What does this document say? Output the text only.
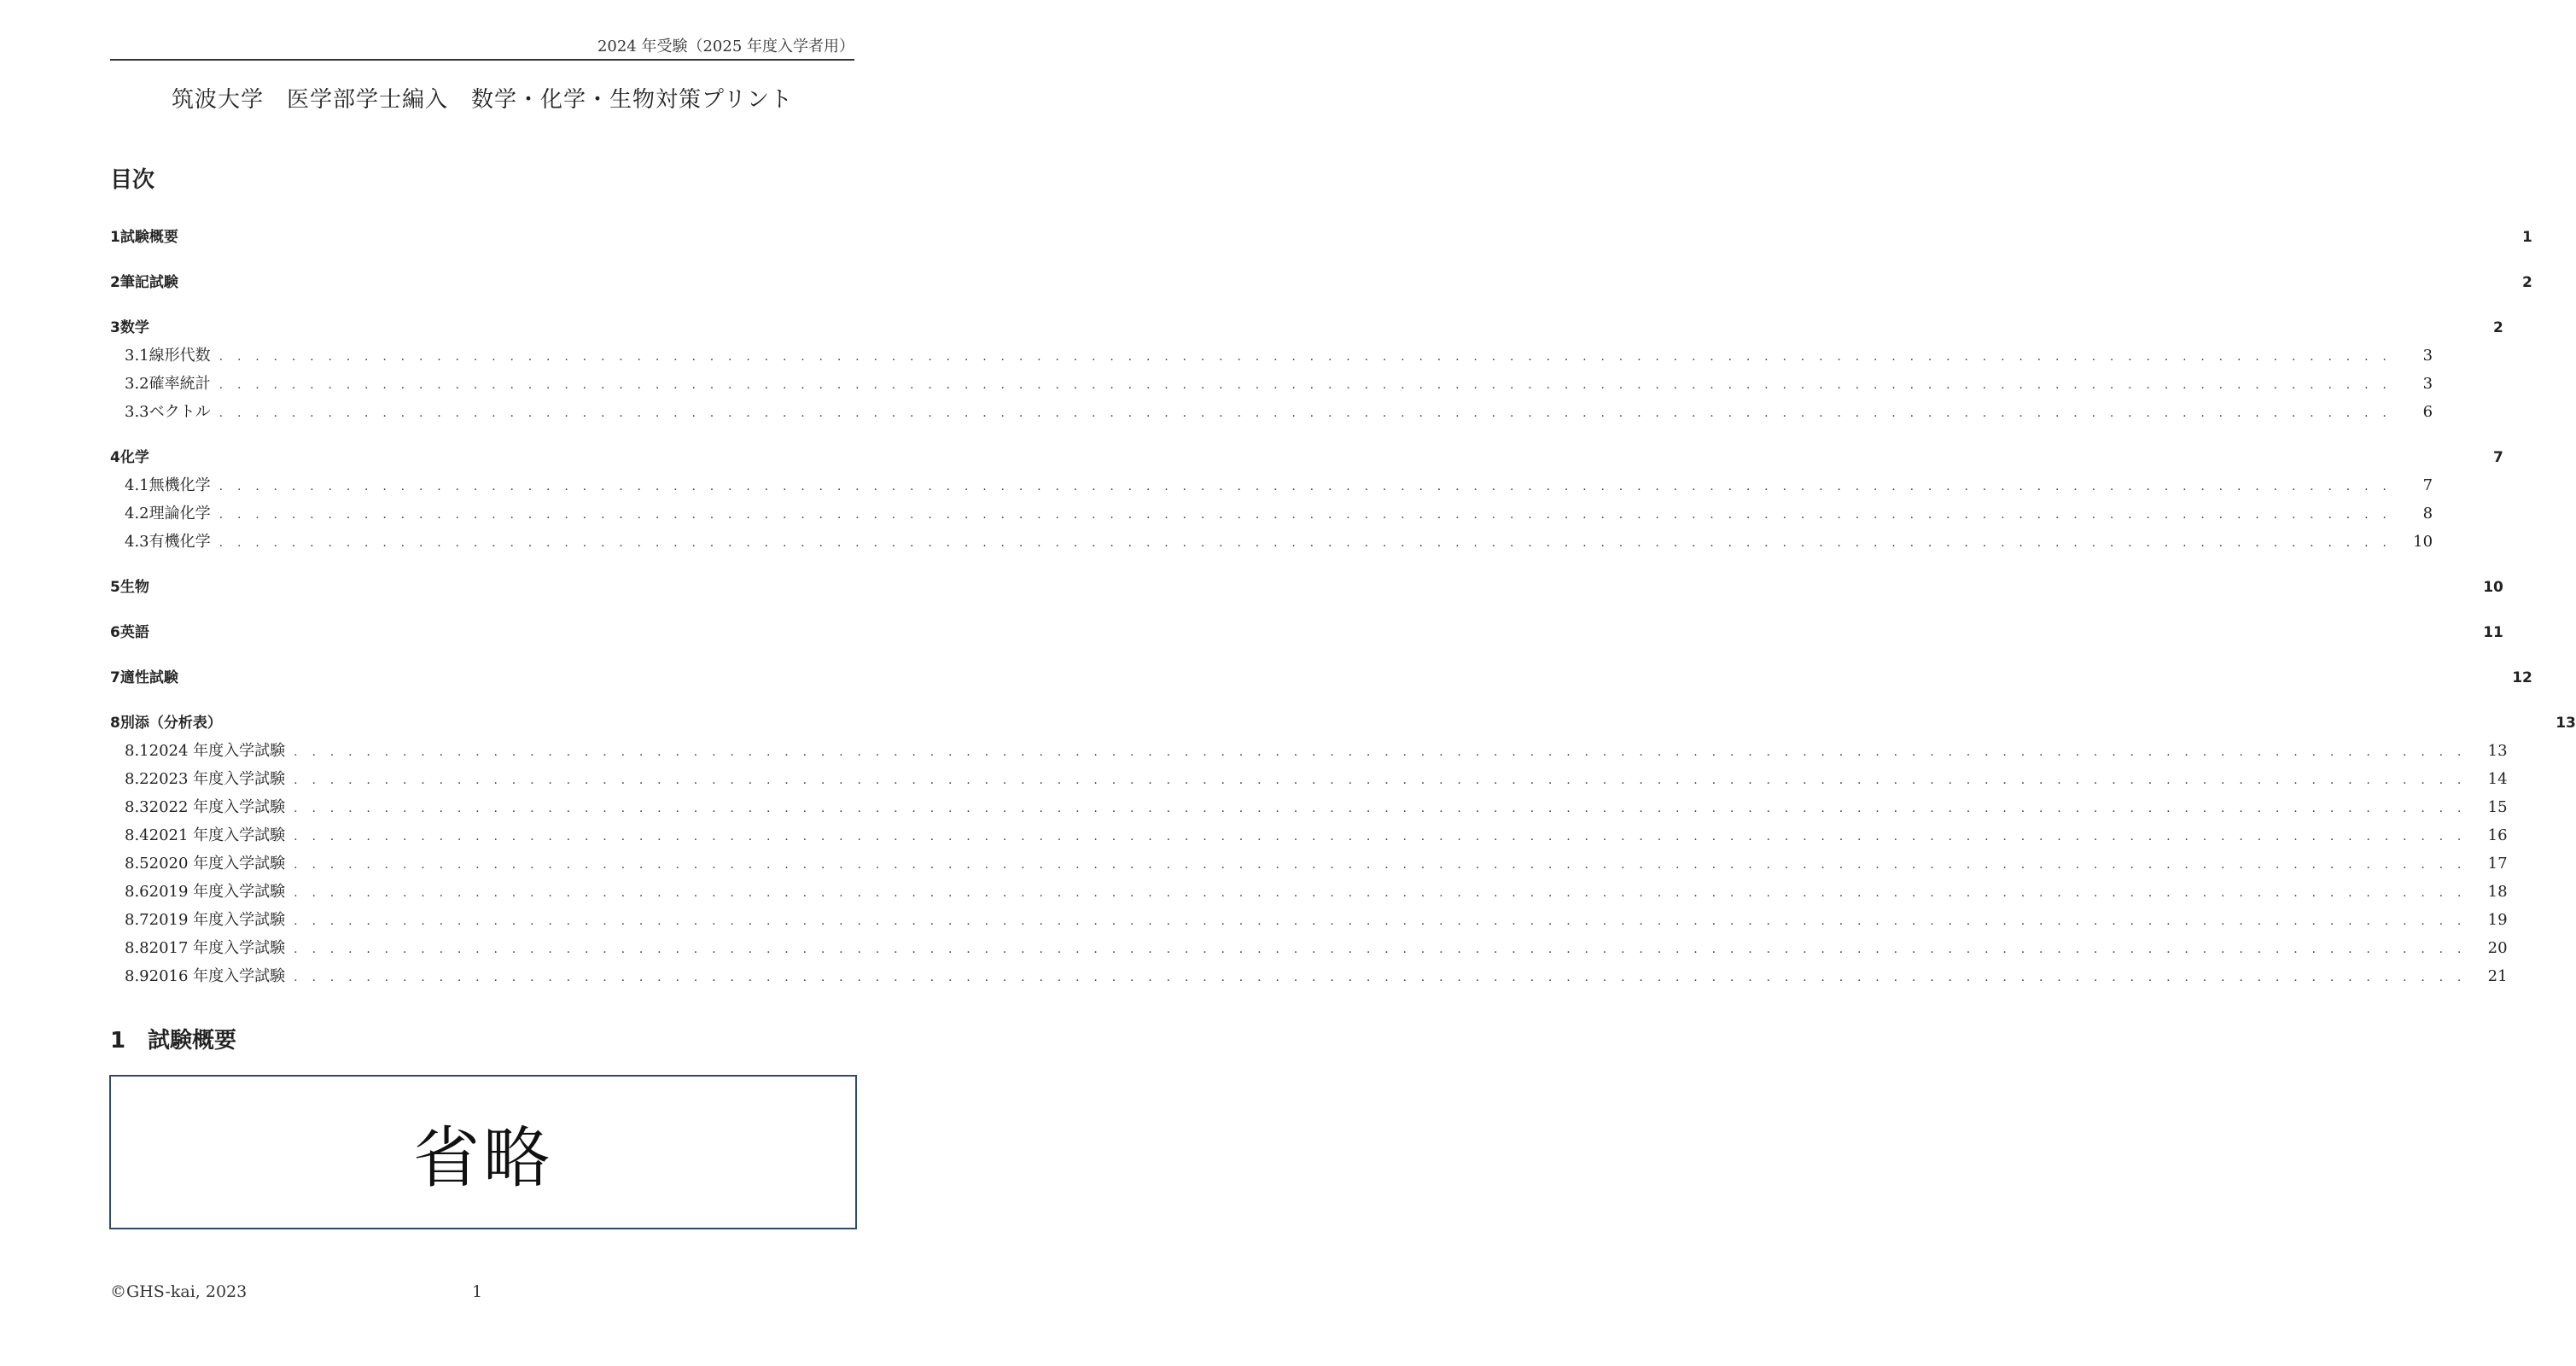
2024 年受験（2025 年度入学者用）
筑波大学　医学部学士編入　数学・化学・生物対策プリント
目次
1 試験概要	1
2 筆記試験	2
3 数学	2
3.1 線形代数 . . . . . . . . . . . . . . . . . . . . . . . . . . . . . . . . . . . . . . . . . . . . . . . . . . . . . . . . . . . . . . . . . . . . . . . . . . . . . . . . . . . . . . . . . . . . . . . . . . . . . . . . . . . . . . . . . . . . . . . .	3
3.2 確率統計 . . . . . . . . . . . . . . . . . . . . . . . . . . . . . . . . . . . . . . . . . . . . . . . . . . . . . . . . . . . . . . . . . . . . . . . . . . . . . . . . . . . . . . . . . . . . . . . . . . . . . . . . . . . . . . . . . . . . . . . .	3
3.3 ベクトル . . . . . . . . . . . . . . . . . . . . . . . . . . . . . . . . . . . . . . . . . . . . . . . . . . . . . . . . . . . . . . . . . . . . . . . . . . . . . . . . . . . . . . . . . . . . . . . . . . . . . . . . . . . . . . . . . . . . . . . .	6
4 化学	7
4.1 無機化学 . . . . . . . . . . . . . . . . . . . . . . . . . . . . . . . . . . . . . . . . . . . . . . . . . . . . . . . . . . . . . . . . . . . . . . . . . . . . . . . . . . . . . . . . . . . . . . . . . . . . . . . . . . . . . . . . . . . . . . . .	7
4.2 理論化学 . . . . . . . . . . . . . . . . . . . . . . . . . . . . . . . . . . . . . . . . . . . . . . . . . . . . . . . . . . . . . . . . . . . . . . . . . . . . . . . . . . . . . . . . . . . . . . . . . . . . . . . . . . . . . . . . . . . . . . . .	8
4.3 有機化学 . . . . . . . . . . . . . . . . . . . . . . . . . . . . . . . . . . . . . . . . . . . . . . . . . . . . . . . . . . . . . . . . . . . . . . . . . . . . . . . . . . . . . . . . . . . . . . . . . . . . . . . . . . . . . . . . . . . . . . . . 10
5 生物	10
6 英語	11
7 適性試験	12
8 別添（分析表）	13
8.1 2024 年度入学試験 . . . . . . . . . . . . . . . . . . . . . . . . . . . . . . . . . . . . . . . . . . . . . . . . . . . . . . . . . . . . . . . . . . . . . . . . . . . . . . . . . . . . . . . . . . . . . . . . . . . . . . . . . . . . . . . . . . . . . . . . 13
8.2 2023 年度入学試験 . . . . . . . . . . . . . . . . . . . . . . . . . . . . . . . . . . . . . . . . . . . . . . . . . . . . . . . . . . . . . . . . . . . . . . . . . . . . . . . . . . . . . . . . . . . . . . . . . . . . . . . . . . . . . . . . . . . . . . . . 14
8.3 2022 年度入学試験 . . . . . . . . . . . . . . . . . . . . . . . . . . . . . . . . . . . . . . . . . . . . . . . . . . . . . . . . . . . . . . . . . . . . . . . . . . . . . . . . . . . . . . . . . . . . . . . . . . . . . . . . . . . . . . . . . . . . . . . . 15
8.4 2021 年度入学試験 . . . . . . . . . . . . . . . . . . . . . . . . . . . . . . . . . . . . . . . . . . . . . . . . . . . . . . . . . . . . . . . . . . . . . . . . . . . . . . . . . . . . . . . . . . . . . . . . . . . . . . . . . . . . . . . . . . . . . . . . 16
8.5 2020 年度入学試験 . . . . . . . . . . . . . . . . . . . . . . . . . . . . . . . . . . . . . . . . . . . . . . . . . . . . . . . . . . . . . . . . . . . . . . . . . . . . . . . . . . . . . . . . . . . . . . . . . . . . . . . . . . . . . . . . . . . . . . . . 17
8.6 2019 年度入学試験 . . . . . . . . . . . . . . . . . . . . . . . . . . . . . . . . . . . . . . . . . . . . . . . . . . . . . . . . . . . . . . . . . . . . . . . . . . . . . . . . . . . . . . . . . . . . . . . . . . . . . . . . . . . . . . . . . . . . . . . . 18
8.7 2019 年度入学試験 . . . . . . . . . . . . . . . . . . . . . . . . . . . . . . . . . . . . . . . . . . . . . . . . . . . . . . . . . . . . . . . . . . . . . . . . . . . . . . . . . . . . . . . . . . . . . . . . . . . . . . . . . . . . . . . . . . . . . . . . 19
8.8 2017 年度入学試験 . . . . . . . . . . . . . . . . . . . . . . . . . . . . . . . . . . . . . . . . . . . . . . . . . . . . . . . . . . . . . . . . . . . . . . . . . . . . . . . . . . . . . . . . . . . . . . . . . . . . . . . . . . . . . . . . . . . . . . . . 20
8.9 2016 年度入学試験 . . . . . . . . . . . . . . . . . . . . . . . . . . . . . . . . . . . . . . . . . . . . . . . . . . . . . . . . . . . . . . . . . . . . . . . . . . . . . . . . . . . . . . . . . . . . . . . . . . . . . . . . . . . . . . . . . . . . . . . . 21
1 試験概要
省略
©GHS-kai, 2023	1
